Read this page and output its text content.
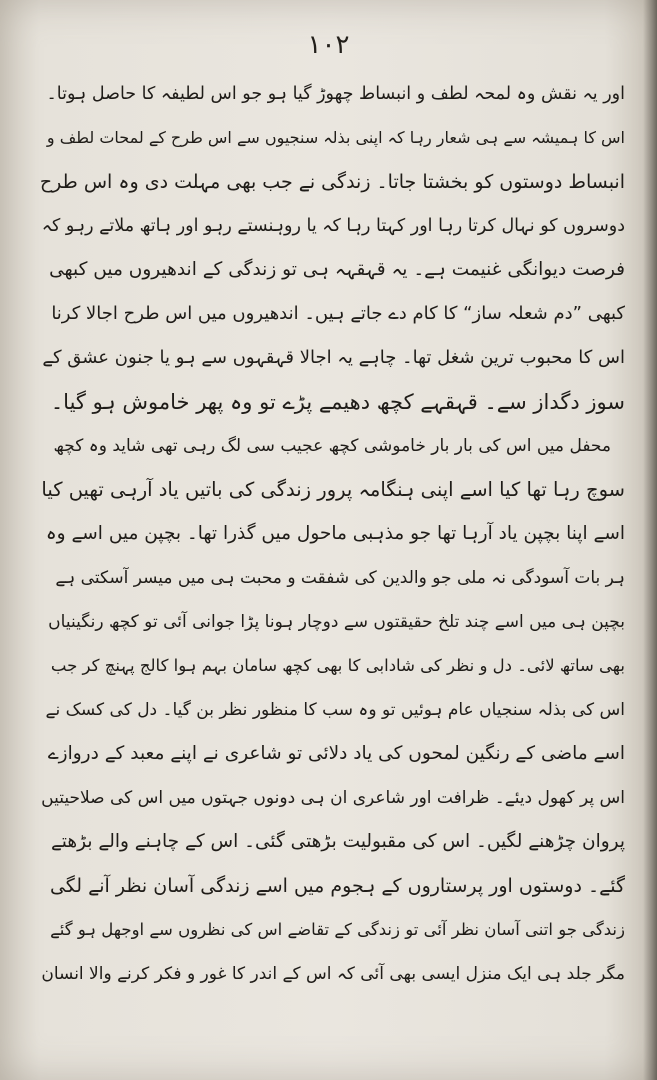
۱۰۲
اور یہ نقش وہ لمحہ لطف و انبساط چھوڑ گیا ہو جو اس لطیفہ کا حاصل ہوتا۔
اس کا ہمیشہ سے ہی شعار رہا کہ اپنی بذلہ سنجیوں سے اس طرح کے لمحات لطف و
انبساط دوستوں کو بخشتا جاتا۔ زندگی نے جب بھی مہلت دی وہ اس طرح
دوسروں کو نہال کرتا رہا اور کہتا رہا کہ یا روہنستے رہو اور ہاتھ ملاتے رہو کہ
فرصت دیوانگی غنیمت ہے۔ یہ قہقہہ ہی تو زندگی کے اندھیروں میں کبھی
کبھی ”دم شعلہ ساز“ کا کام دے جاتے ہیں۔ اندھیروں میں اس طرح اجالا کرنا
اس کا محبوب ترین شغل تھا۔ چاہے یہ اجالا قہقہوں سے ہو یا جنون عشق کے
سوز دگداز سے۔ قہقہے کچھ دھیمے پڑے تو وہ پھر خاموش ہو گیا۔
محفل میں اس کی بار بار خاموشی کچھ عجیب سی لگ رہی تھی شاید وہ کچھ
سوچ رہا تھا کیا اسے اپنی ہنگامہ پرور زندگی کی باتیں یاد آرہی تھیں کیا
اسے اپنا بچپن یاد آرہا تھا جو مذہبی ماحول میں گذرا تھا۔ بچپن میں اسے وہ
ہر بات آسودگی نہ ملی جو والدین کی شفقت و محبت ہی میں میسر آسکتی ہے
بچپن ہی میں اسے چند تلخ حقیقتوں سے دوچار ہونا پڑا جوانی آئی تو کچھ رنگینیاں
بھی ساتھ لائی۔ دل و نظر کی شادابی کا بھی کچھ سامان بہم ہوا کالج پہنچ کر جب
اس کی بذلہ سنجیاں عام ہوئیں تو وہ سب کا منظور نظر بن گیا۔ دل کی کسک نے
اسے ماضی کے رنگین لمحوں کی یاد دلائی تو شاعری نے اپنے معبد کے دروازے
اس پر کھول دیئے۔ ظرافت اور شاعری ان ہی دونوں جہتوں میں اس کی صلاحیتیں
پروان چڑھنے لگیں۔ اس کی مقبولیت بڑھتی گئی۔ اس کے چاہنے والے بڑھتے
گئے۔ دوستوں اور پرستاروں کے ہجوم میں اسے زندگی آسان نظر آنے لگی
زندگی جو اتنی آسان نظر آئی تو زندگی کے تقاضے اس کی نظروں سے اوجھل ہو گئے
مگر جلد ہی ایک منزل ایسی بھی آئی کہ اس کے اندر کا غور و فکر کرنے والا انسان
